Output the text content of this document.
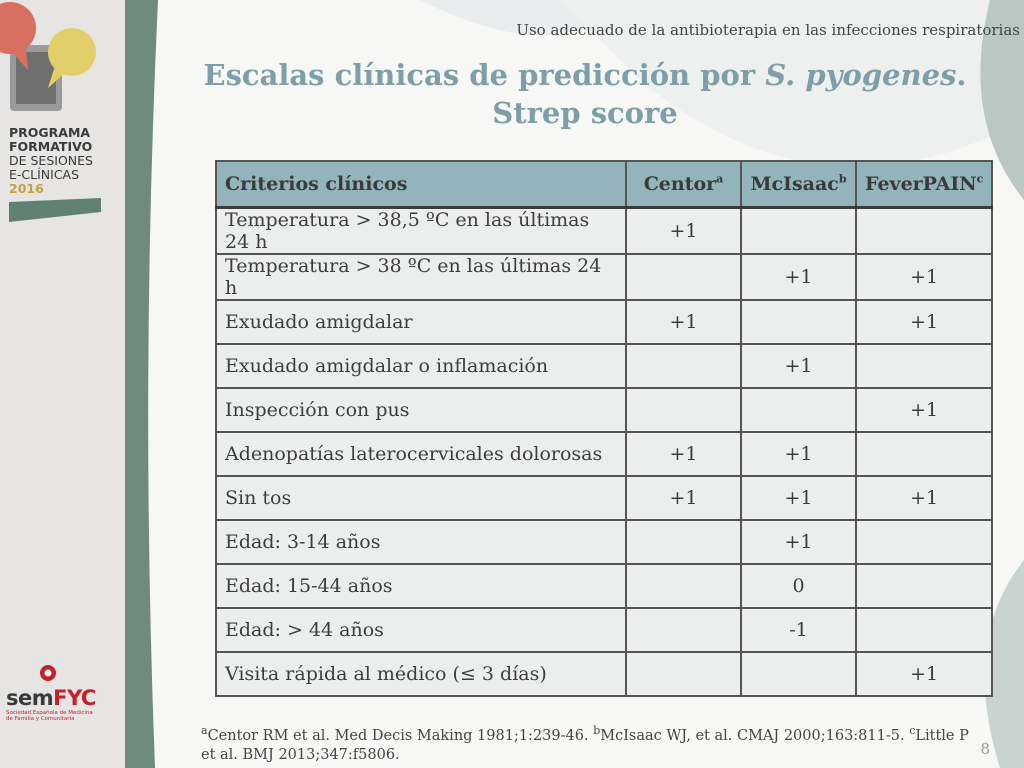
PROGRAMA
FORMATIVO
DE SESIONES
E-CLÍNICAS
2016
semFYC
Sociedad Española de Medicina
de Familia y Comunitaria
Uso adecuado de la antibioterapia en las infecciones respiratorias
Escalas clínicas de predicción por S. pyogenes. Strep score
Criterios clínicos	Centor$^a$	McIsaac$^b$	FeverPAIN$^c$
Temperatura > 38,5 ºC en las últimas 24 h	+1		
Temperatura > 38 ºC en las últimas 24 h		+1	+1
Exudado amigdalar	+1		+1
Exudado amigdalar o inflamación		+1	
Inspección con pus			+1
Adenopatías laterocervicales dolorosas	+1	+1	
Sin tos	+1	+1	+1
Edad: 3-14 años		+1	
Edad: 15-44 años		0	
Edad: > 44 años		-1	
Visita rápida al médico (≤ 3 días)			+1
$^a$Centor RM et al. Med Decis Making 1981;1:239-46. $^b$McIsaac WJ, et al. CMAJ 2000;163:811-5. $^c$Little P et al. BMJ 2013;347:f5806.	8
